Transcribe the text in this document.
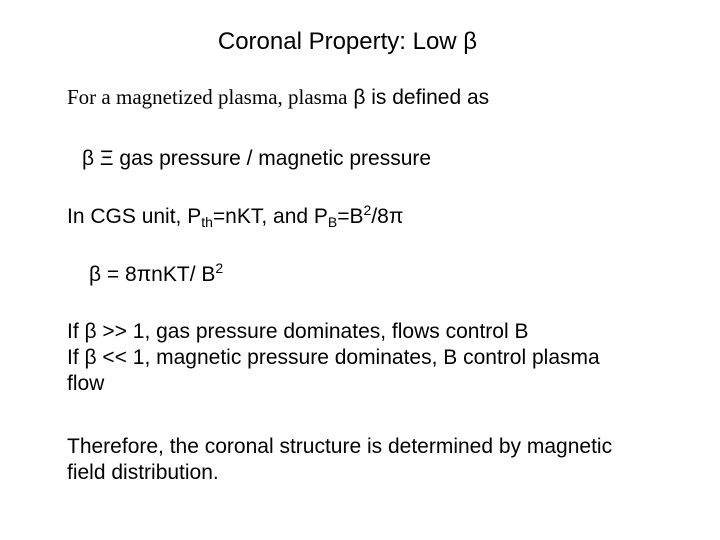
Coronal Property: Low β
For a magnetized plasma, plasma β is defined as
β Ξ gas pressure / magnetic pressure
In CGS unit, $P_{th}=nKT$, and $P_B=B^2/8\pi$
β = 8πnKT/ $B^2$
If β >> 1, gas pressure dominates, flows control B
If β << 1, magnetic pressure dominates, B control plasma
flow
Therefore, the coronal structure is determined by magnetic
field distribution.
